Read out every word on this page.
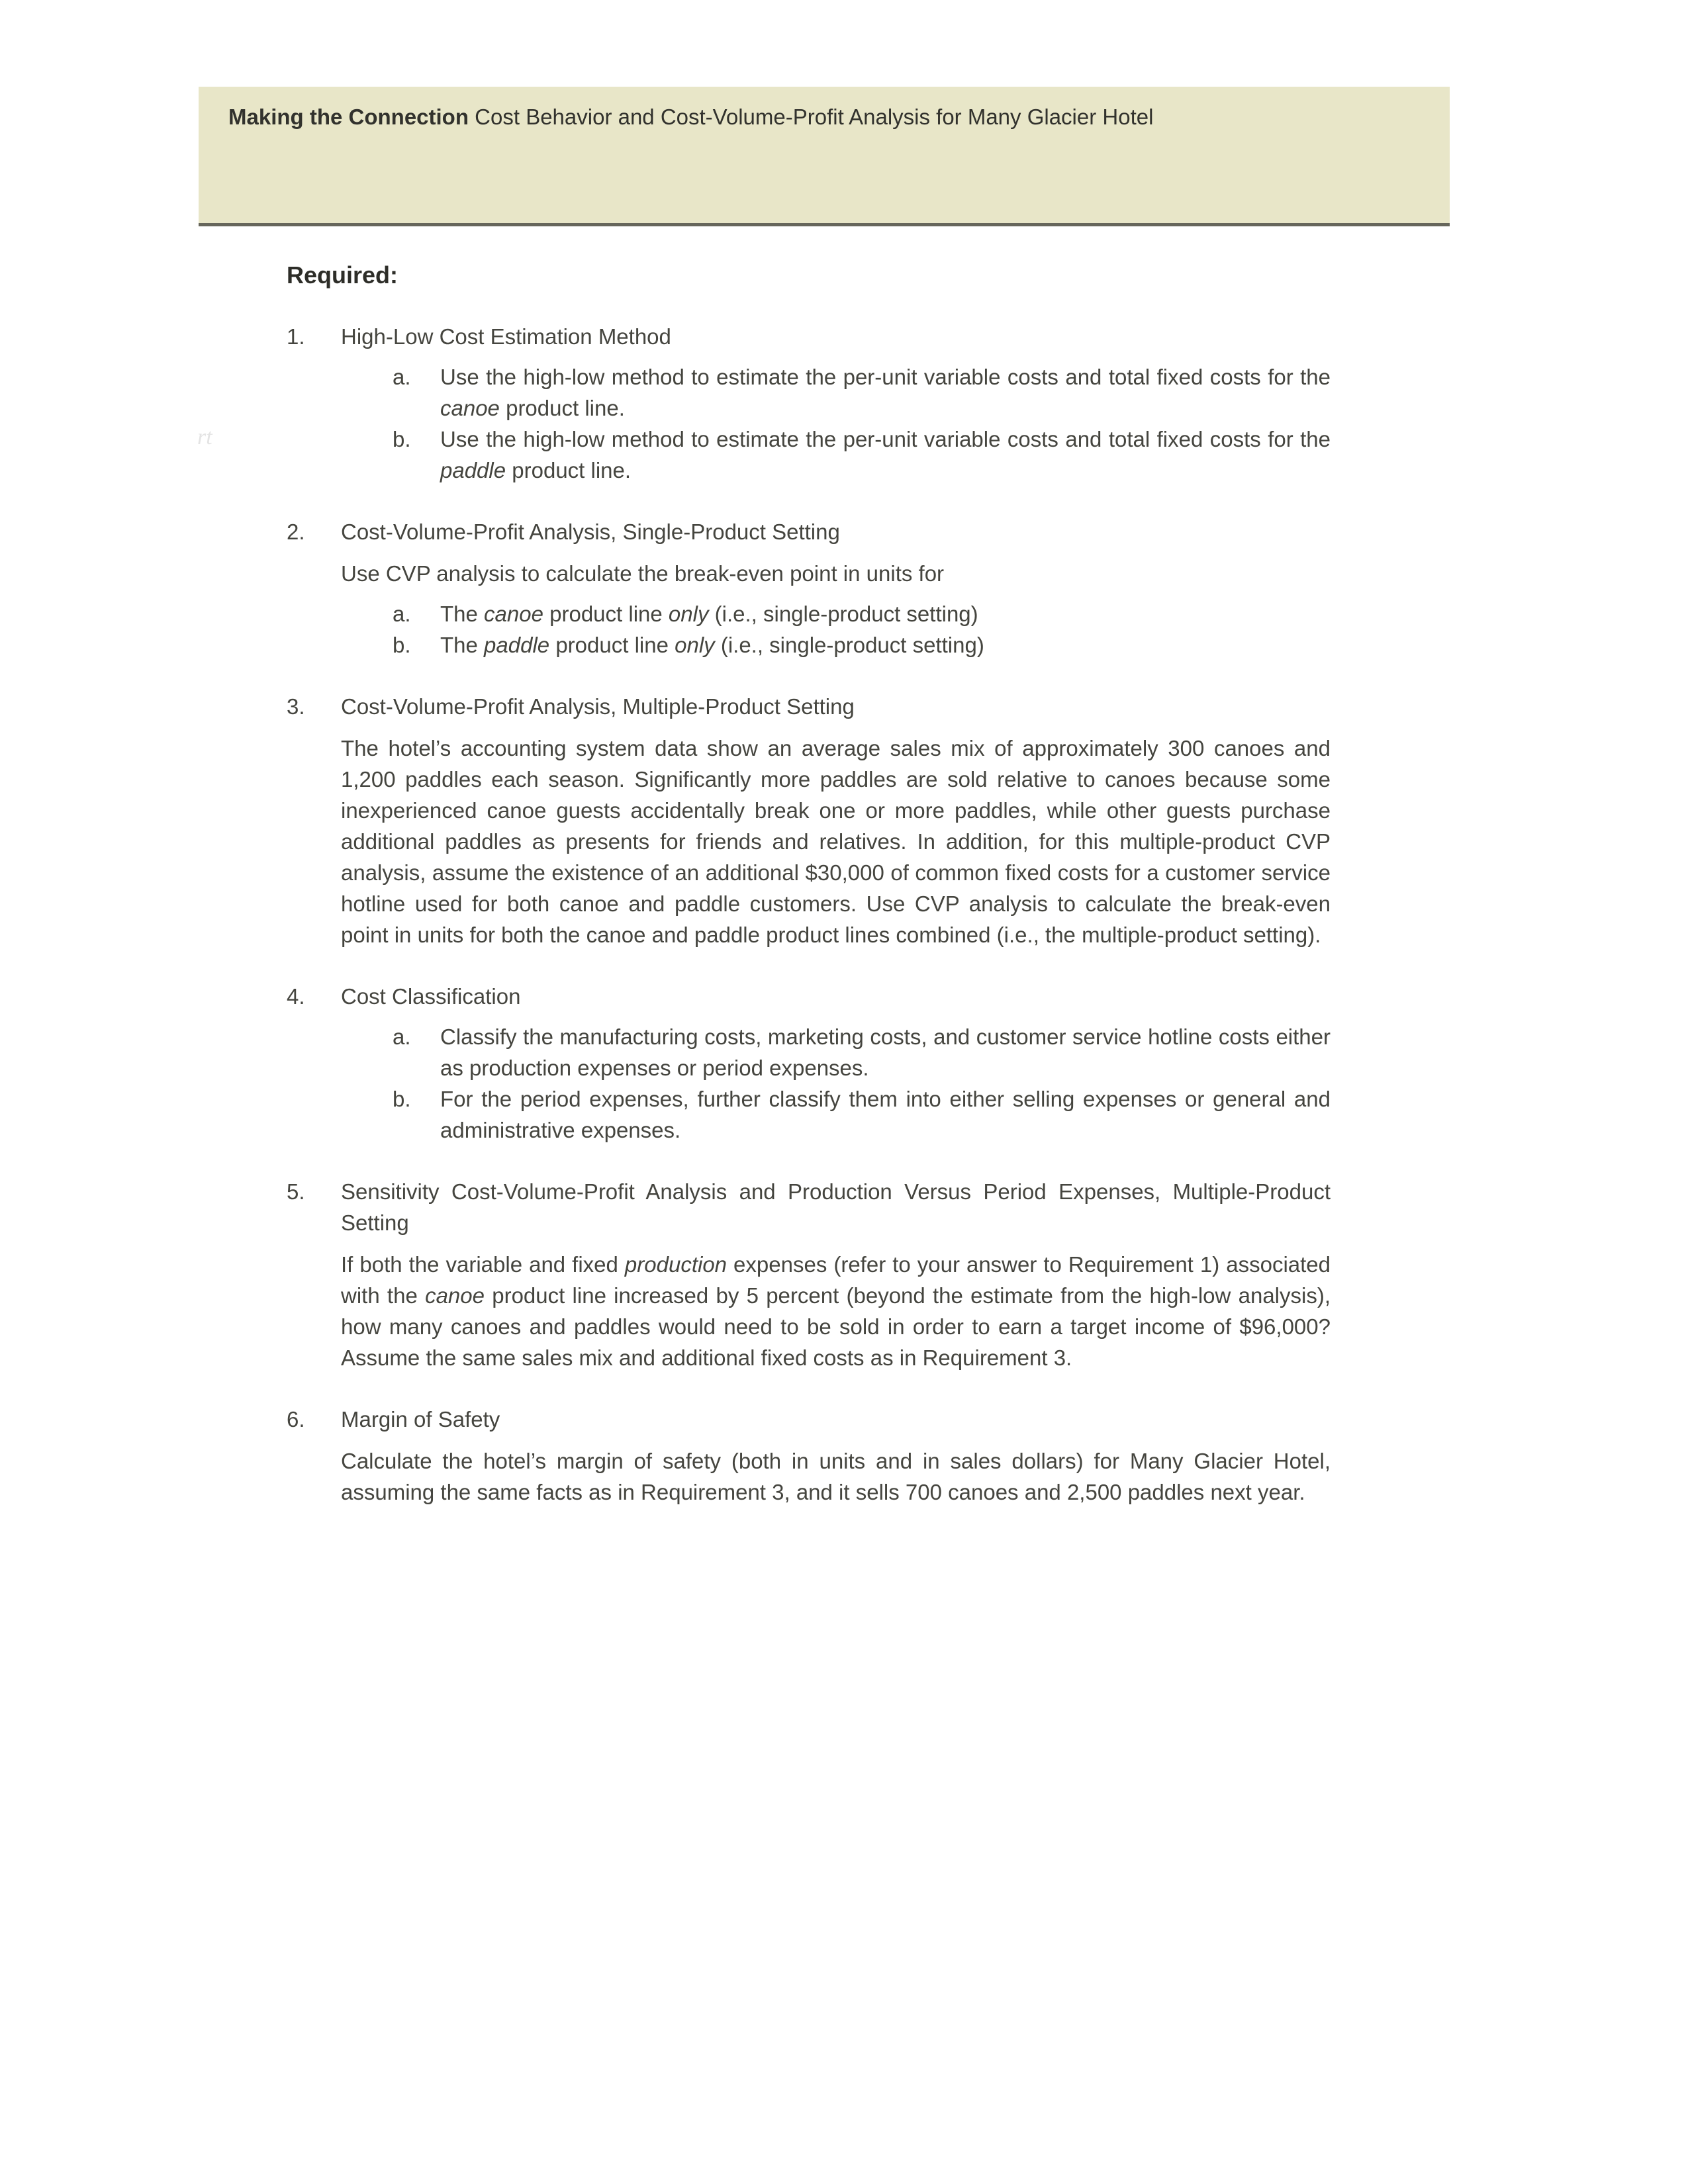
Making the Connection Cost Behavior and Cost-Volume-Profit Analysis for Many Glacier Hotel
rt
Required:
1.	High-Low Cost Estimation Method
a.	Use the high-low method to estimate the per-unit variable costs and total fixed costs for the canoe product line.
b.	Use the high-low method to estimate the per-unit variable costs and total fixed costs for the paddle product line.
2.	Cost-Volume-Profit Analysis, Single-Product Setting
Use CVP analysis to calculate the break-even point in units for
a.	The canoe product line only (i.e., single-product setting)
b.	The paddle product line only (i.e., single-product setting)
3.	Cost-Volume-Profit Analysis, Multiple-Product Setting
The hotel’s accounting system data show an average sales mix of approximately 300 canoes and 1,200 paddles each season. Significantly more paddles are sold relative to canoes because some inexperienced canoe guests accidentally break one or more paddles, while other guests purchase additional paddles as presents for friends and relatives. In addition, for this multiple-product CVP analysis, assume the existence of an additional $30,000 of common fixed costs for a customer service hotline used for both canoe and paddle customers. Use CVP analysis to calculate the break-even point in units for both the canoe and paddle product lines combined (i.e., the multiple-product setting).
4.	Cost Classification
a.	Classify the manufacturing costs, marketing costs, and customer service hotline costs either as production expenses or period expenses.
b.	For the period expenses, further classify them into either selling expenses or general and administrative expenses.
5.	Sensitivity Cost-Volume-Profit Analysis and Production Versus Period Expenses, Multiple-Product Setting
If both the variable and fixed production expenses (refer to your answer to Requirement 1) associated with the canoe product line increased by 5 percent (beyond the estimate from the high-low analysis), how many canoes and paddles would need to be sold in order to earn a target income of $96,000? Assume the same sales mix and additional fixed costs as in Requirement 3.
6.	Margin of Safety
Calculate the hotel’s margin of safety (both in units and in sales dollars) for Many Glacier Hotel, assuming the same facts as in Requirement 3, and it sells 700 canoes and 2,500 paddles next year.
